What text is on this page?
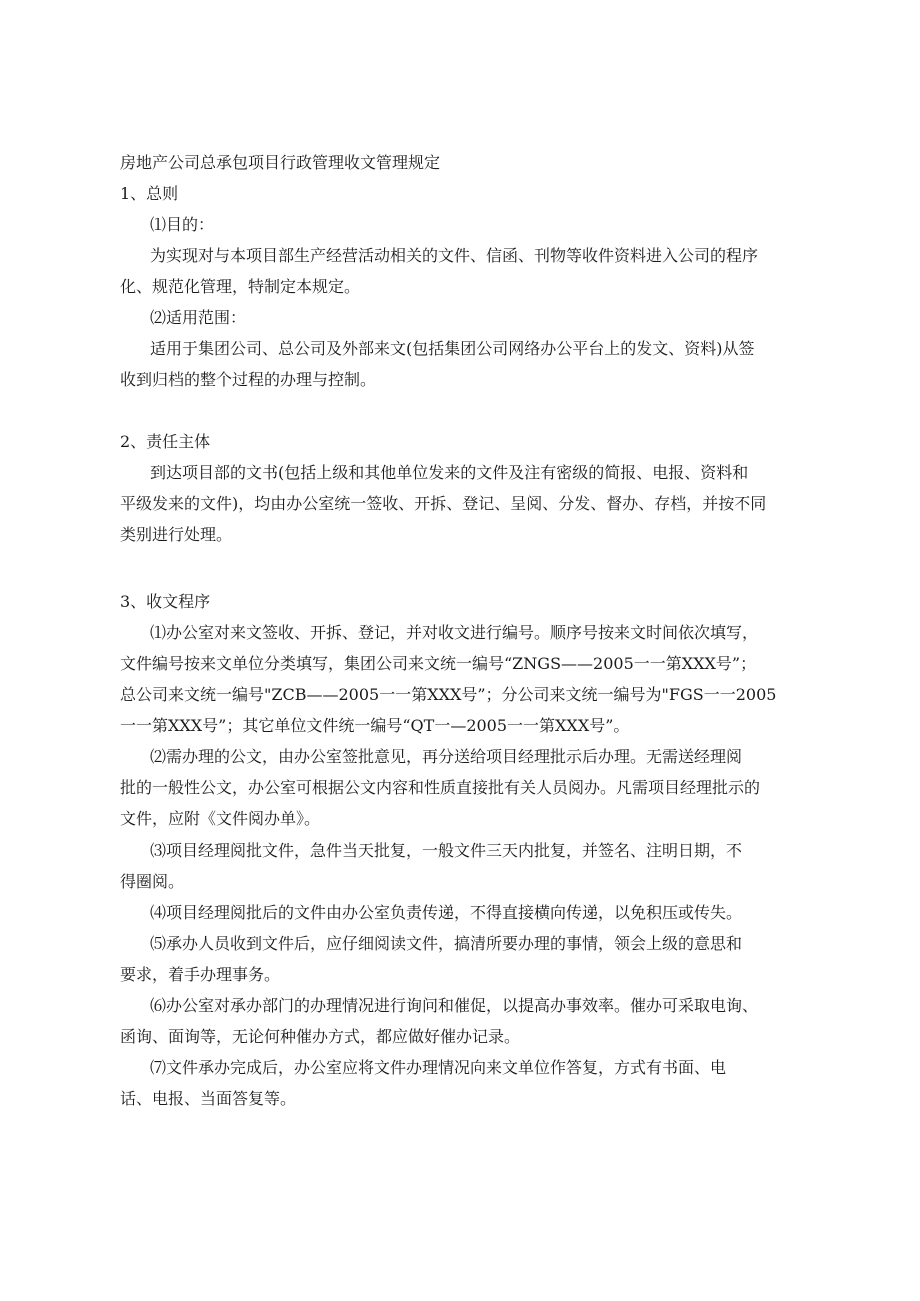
房地产公司总承包项目行政管理收文管理规定
1、总则
⑴目的：
为实现对与本项目部生产经营活动相关的文件、信函、刊物等收件资料进入公司的程序
化、规范化管理，特制定本规定。
⑵适用范围：
适用于集团公司、总公司及外部来文(包括集团公司网络办公平台上的发文、资料)从签
收到归档的整个过程的办理与控制。
2、责任主体
到达项目部的文书(包括上级和其他单位发来的文件及注有密级的简报、电报、资料和
平级发来的文件)，均由办公室统一签收、开拆、登记、呈阅、分发、督办、存档，并按不同
类别进行处理。
3、收文程序
⑴办公室对来文签收、开拆、登记，并对收文进行编号。顺序号按来文时间依次填写，
文件编号按来文单位分类填写，集团公司来文统一编号“ZNGS——2005一一第XXX号”；
总公司来文统一编号"ZCB——2005一一第XXX号”；分公司来文统一编号为"FGS一一2005
一一第XXX号”；其它单位文件统一编号“QT一—2005一一第XXX号”。
⑵需办理的公文，由办公室签批意见，再分送给项目经理批示后办理。无需送经理阅
批的一般性公文，办公室可根据公文内容和性质直接批有关人员阅办。凡需项目经理批示的
文件，应附《文件阅办单》。
⑶项目经理阅批文件，急件当天批复，一般文件三天内批复，并签名、注明日期，不
得圈阅。
⑷项目经理阅批后的文件由办公室负责传递，不得直接横向传递，以免积压或传失。
⑸承办人员收到文件后，应仔细阅读文件，搞清所要办理的事情，领会上级的意思和
要求，着手办理事务。
⑹办公室对承办部门的办理情况进行询问和催促，以提高办事效率。催办可采取电询、
函询、面询等，无论何种催办方式，都应做好催办记录。
⑺文件承办完成后，办公室应将文件办理情况向来文单位作答复，方式有书面、电
话、电报、当面答复等。
